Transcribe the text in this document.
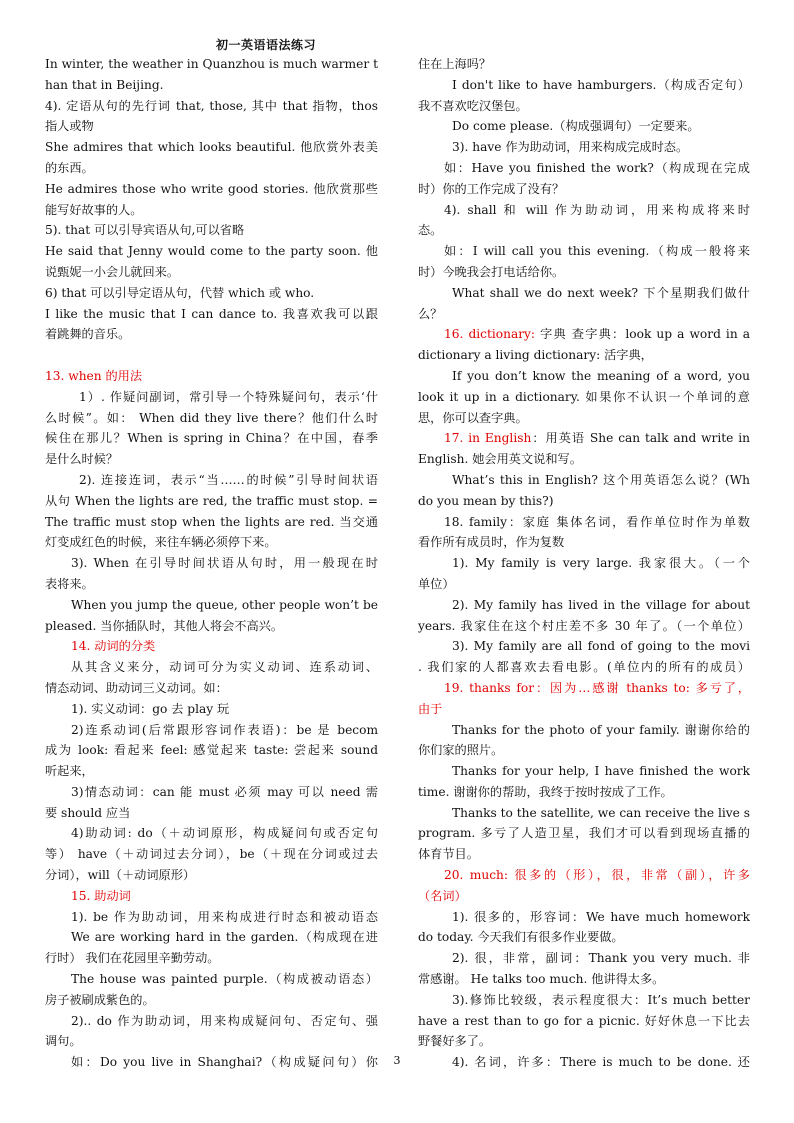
初一英语语法练习

In winter, the weather in Quanzhou is much warmer t

han that in Beijing.

4). 定语从句的先行词 that, those, 其中 that 指物，thos

指人或物

She admires that which looks beautiful. 他欣赏外表美

的东西。

He admires those who write good stories. 他欣赏那些

能写好故事的人。

5). that 可以引导宾语从句,可以省略

He said that Jenny would come to the party soon. 他

说甄妮一小会儿就回来。

6) that 可以引导定语从句，代替 which 或 who.

I like the music that I can dance to. 我喜欢我可以跟

着跳舞的音乐。

13. when 的用法

1）. 作疑问副词，常引导一个特殊疑问句，表示‘什

么时候”。如： When did they live there？他们什么时

候住在那儿？When is spring in China？在中国，春季

是什么时候？

2). 连接连词，表示“当……的时候”引导时间状语

从句 When the lights are red, the traffic must stop. =

The traffic must stop when the lights are red. 当交通

灯变成红色的时候，来往车辆必须停下来。

3). When 在引导时间状语从句时，用一般现在时

表将来。

When you jump the queue, other people won’t be

pleased. 当你插队时，其他人将会不高兴。

14. 动词的分类

从其含义来分，动词可分为实义动词、连系动词、

情态动词、助动词三义动词。如：

1). 实义动词：go 去 play 玩

2)连系动词(后常跟形容词作表语)：be 是 becom

成为 look: 看起来 feel: 感觉起来 taste: 尝起来 sound

听起来，

3)情态动词：can 能 must 必须 may 可以 need 需

要 should 应当

4)助动词: do（＋动词原形，构成疑问句或否定句

等） have（＋动词过去分词），be（＋现在分词或过去

分词），will（＋动词原形）

15. 助动词

1). be 作为助动词，用来构成进行时态和被动语态

We are working hard in the garden.（构成现在进

行时） 我们在花园里辛勤劳动。

The house was painted purple.（构成被动语态）

房子被刷成紫色的。

2).. do 作为助动词，用来构成疑问句、否定句、强

调句。

如：Do you live in Shanghai?（构成疑问句）你

住在上海吗？

I don't like to have hamburgers.（构成否定句）

我不喜欢吃汉堡包。

Do come please.（构成强调句）一定要来。

3). have 作为助动词，用来构成完成时态。

如：Have you finished the work?（构成现在完成

时）你的工作完成了没有？

4). shall 和 will 作为助动词，用来构成将来时

态。

如：I will call you this evening.（构成一般将来

时）今晚我会打电话给你。

What shall we do next week? 下个星期我们做什

么？

16. dictionary: 字典 查字典：look up a word in a

dictionary a living dictionary: 活字典，

If you don’t know the meaning of a word, you

look it up in a dictionary. 如果你不认识一个单词的意

思，你可以查字典。

17. in English：用英语 She can talk and write in

English. 她会用英文说和写。

What’s this in English? 这个用英语怎么说？(Wh

do you mean by this?)

18. family：家庭 集体名词，看作单位时作为单数

看作所有成员时，作为复数

1). My family is very large. 我家很大。（一个

单位）

2). My family has lived in the village for about

years. 我家住在这个村庄差不多 30 年了。（一个单位）

3). My family are all fond of going to the movi

. 我们家的人都喜欢去看电影。(单位内的所有的成员）

19. thanks for：因为…感谢 thanks to: 多亏了，

由于

Thanks for the photo of your family. 谢谢你给的

你们家的照片。

Thanks for your help, I have finished the work

time. 谢谢你的帮助，我终于按时按成了工作。

Thanks to the satellite, we can receive the live s

program. 多亏了人造卫星，我们才可以看到现场直播的

体育节目。

20. much: 很多的（形），很，非常（副），许多

（名词）

1). 很多的，形容词：We have much homework

do today. 今天我们有很多作业要做。

2). 很，非常，副词：Thank you very much. 非

常感谢。 He talks too much. 他讲得太多。

3).修饰比较级，表示程度很大：It’s much better

have a rest than to go for a picnic. 好好休息一下比去

野餐好多了。

4). 名词，许多：There is much to be done. 还

3
